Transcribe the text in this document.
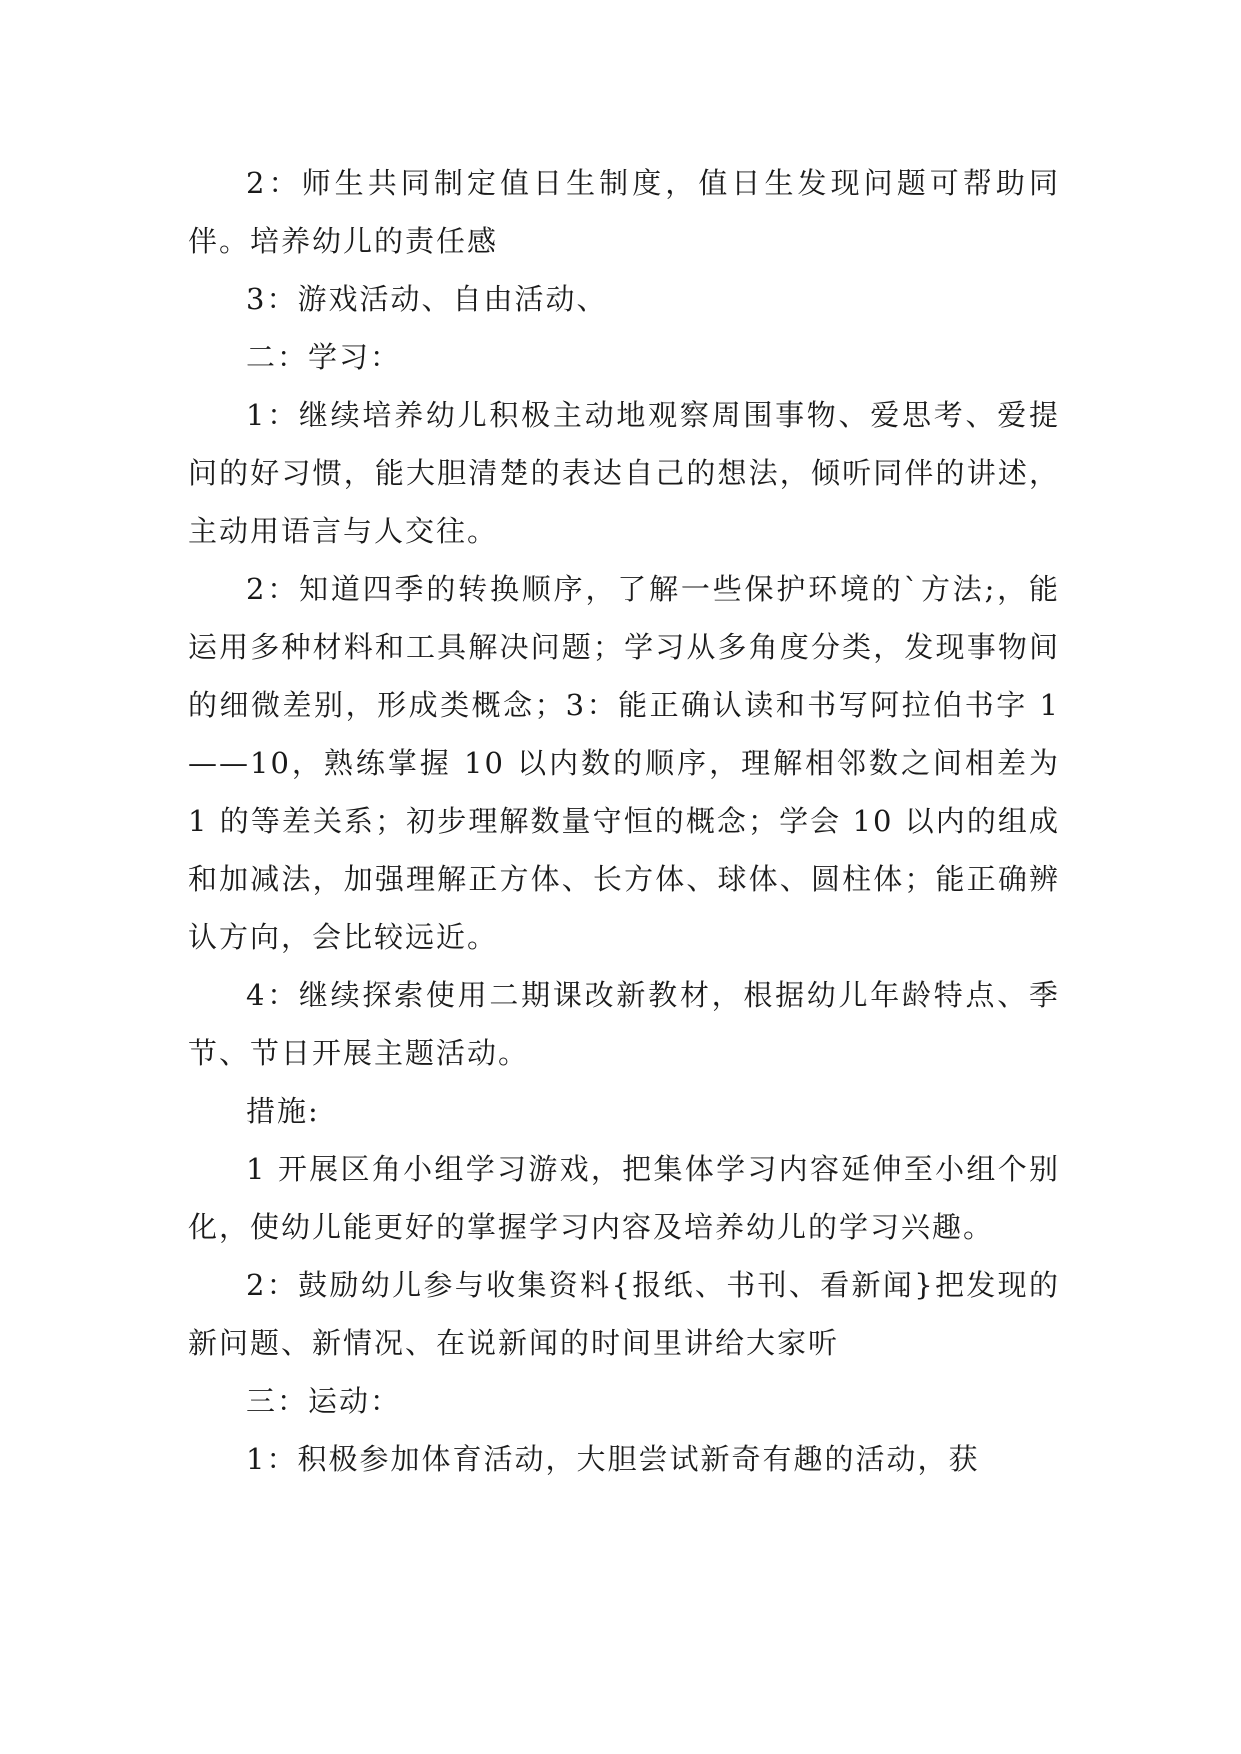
2：师生共同制定值日生制度，值日生发现问题可帮助同伴。培养幼儿的责任感

3：游戏活动、自由活动、

二：学习：

1：继续培养幼儿积极主动地观察周围事物、爱思考、爱提问的好习惯，能大胆清楚的表达自己的想法，倾听同伴的讲述，主动用语言与人交往。

2：知道四季的转换顺序，了解一些保护环境的`方法;，能运用多种材料和工具解决问题；学习从多角度分类，发现事物间的细微差别，形成类概念；3：能正确认读和书写阿拉伯书字 1——10，熟练掌握 10 以内数的顺序，理解相邻数之间相差为 1 的等差关系；初步理解数量守恒的概念；学会 10 以内的组成和加减法，加强理解正方体、长方体、球体、圆柱体；能正确辨认方向，会比较远近。

4：继续探索使用二期课改新教材，根据幼儿年龄特点、季节、节日开展主题活动。

措施:

1 开展区角小组学习游戏，把集体学习内容延伸至小组个别化，使幼儿能更好的掌握学习内容及培养幼儿的学习兴趣。

2：鼓励幼儿参与收集资料{报纸、书刊、看新闻}把发现的新问题、新情况、在说新闻的时间里讲给大家听

三：运动：

1：积极参加体育活动，大胆尝试新奇有趣的活动，获
